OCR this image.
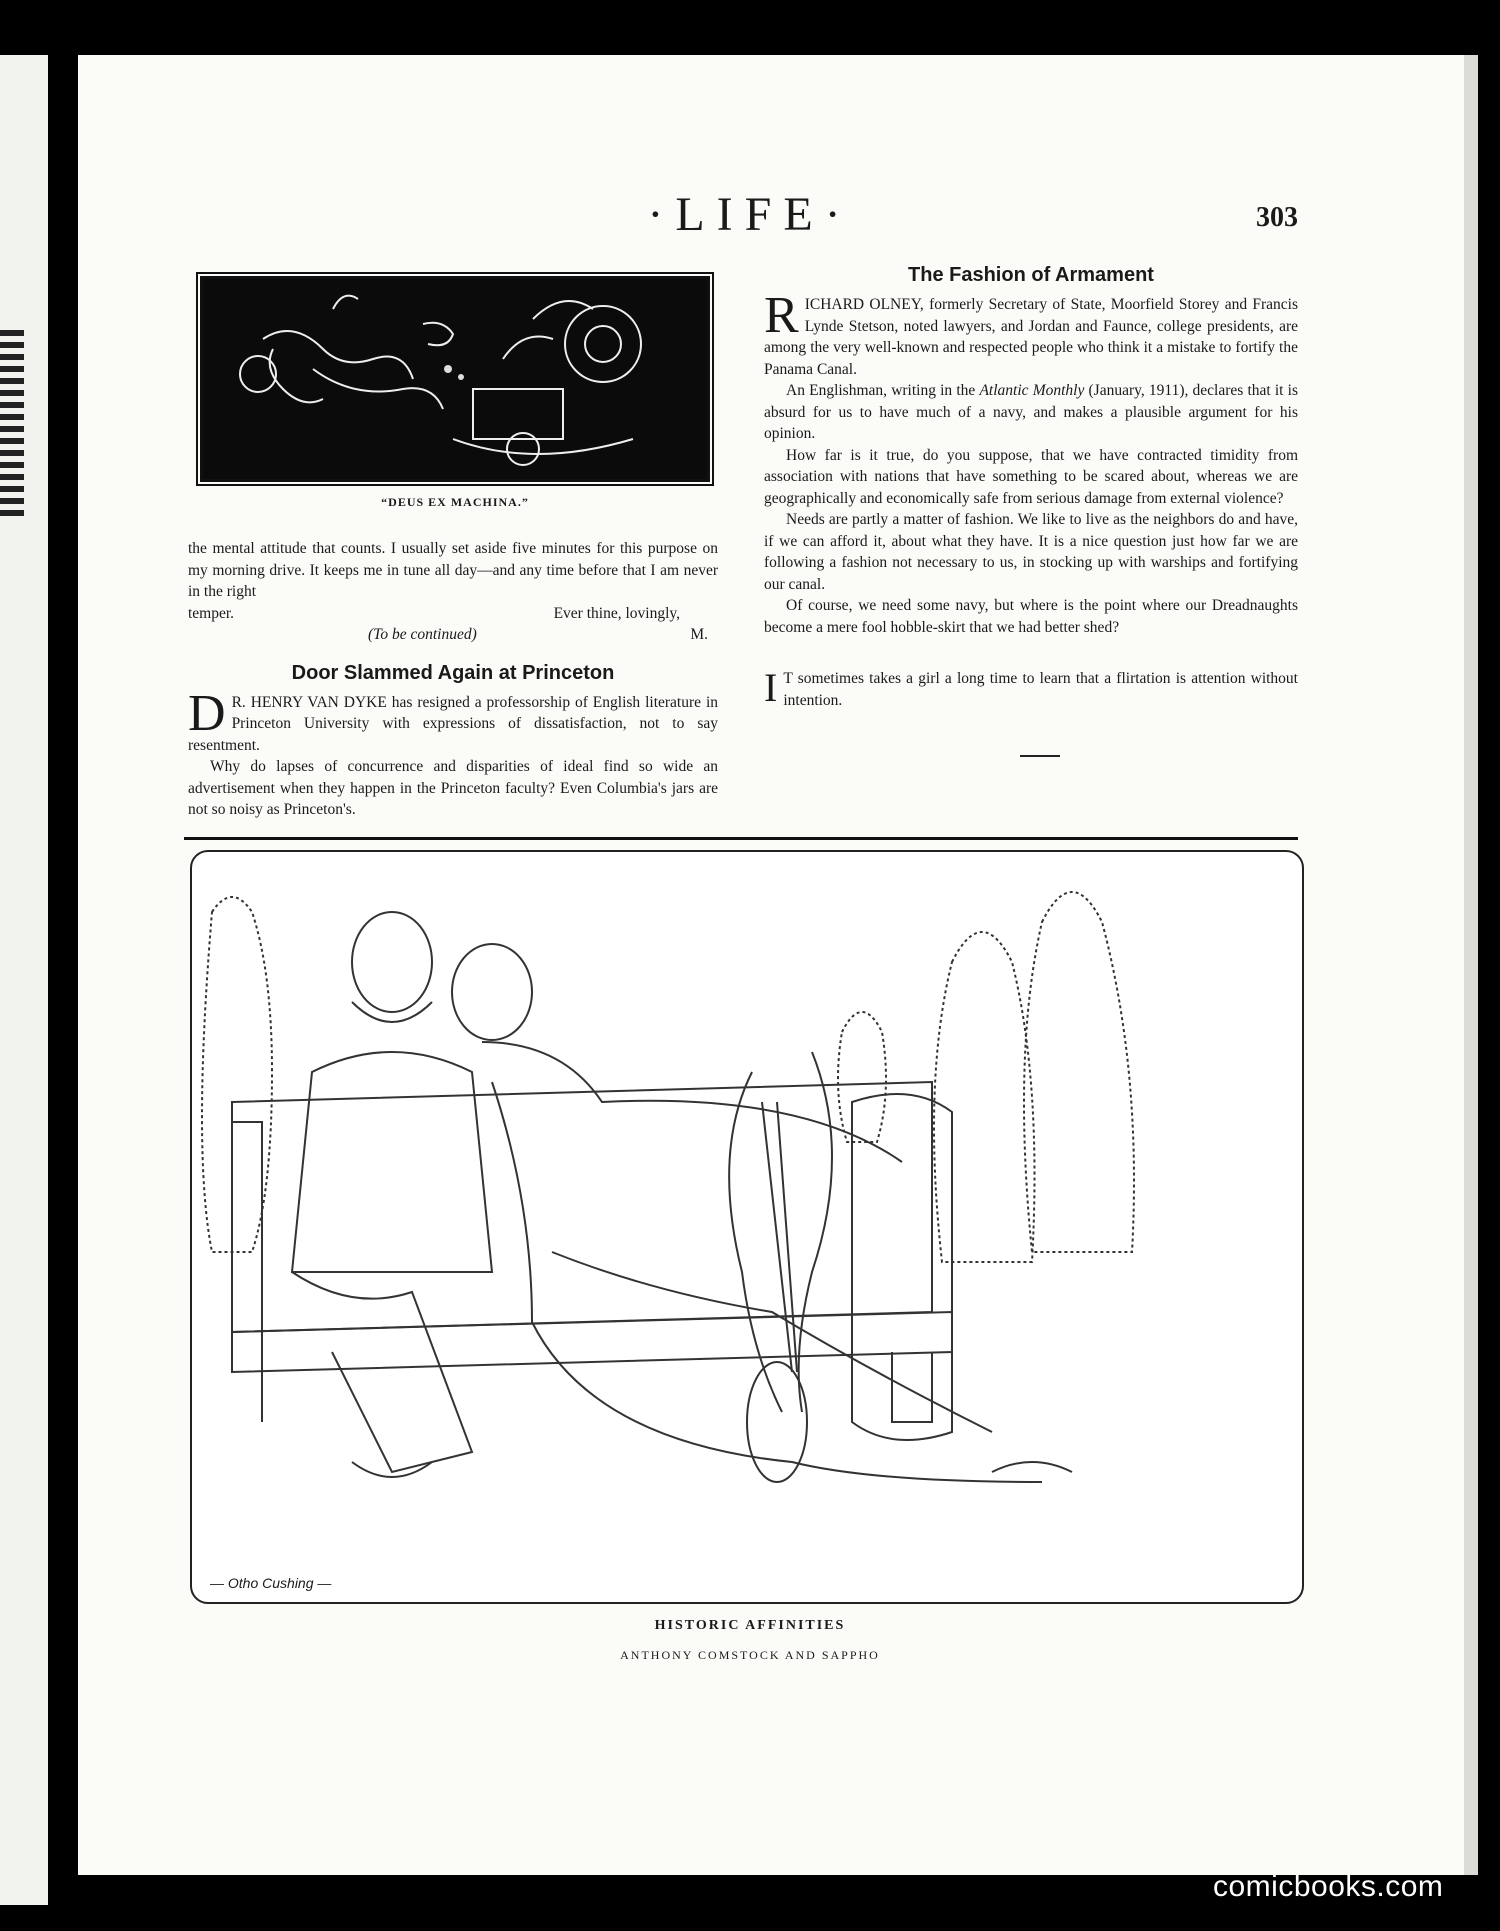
·LIFE·	303
“DEUS EX MACHINA.”

the mental attitude that counts. I usually set aside five minutes for this purpose on my morning drive. It keeps me in tune all day—and any time before that I am never in the right

temper.	Ever thine, lovingly,
(To be continued)	M.
Door Slammed Again at Princeton

D R. HENRY VAN DYKE has resigned a professorship of English literature in Princeton University with expressions of dissatisfaction, not to say resentment.

Why do lapses of concurrence and disparities of ideal find so wide an advertisement when they happen in the Princeton faculty? Even Columbia's jars are not so noisy as Princeton's.

The Fashion of Armament

RICHARD OLNEY, formerly Secretary of State, Moorfield Storey and Francis Lynde Stetson, noted lawyers, and Jordan and Faunce, college presidents, are among the very well-known and respected people who think it a mistake to fortify the Panama Canal.

An Englishman, writing in the Atlantic Monthly (January, 1911), declares that it is absurd for us to have much of a navy, and makes a plausible argument for his opinion.

How far is it true, do you suppose, that we have contracted timidity from association with nations that have something to be scared about, whereas we are geographically and economically safe from serious damage from external violence?

Needs are partly a matter of fashion. We like to live as the neighbors do and have, if we can afford it, about what they have. It is a nice question just how far we are following a fashion not necessary to us, in stocking up with warships and fortifying our canal.

Of course, we need some navy, but where is the point where our Dreadnaughts become a mere fool hobble-skirt that we had better shed?

I T sometimes takes a girl a long time to learn that a flirtation is attention without intention.

— Otho Cushing —
HISTORIC AFFINITIES
ANTHONY COMSTOCK AND SAPPHO
comicbooks.com
